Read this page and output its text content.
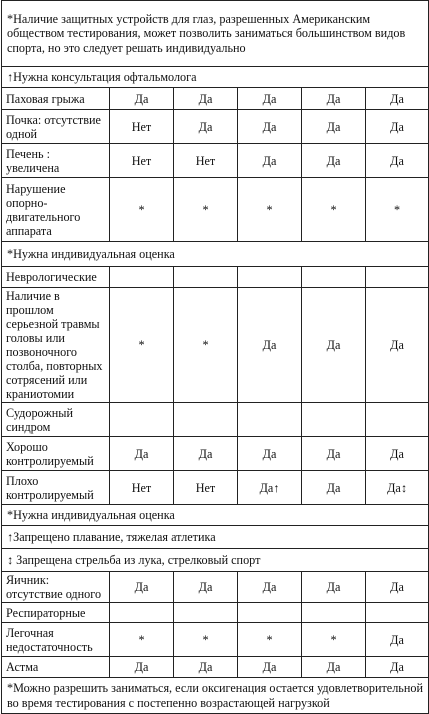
*Наличие защитных устройств для глаз, разрешенных Американским обществом тестирования, может позволить заниматься большинством видов спорта, но это следует решать индивидуально					
↑Нужна консультация офтальмолога					
Паховая грыжа	Да	Да	Да	Да	Да
Почка: отсутствие одной	Нет	Да	Да	Да	Да
Печень : увеличена	Нет	Нет	Да	Да	Да
Нарушение опорно-двигательного аппарата	*	*	*	*	*
*Нужна индивидуальная оценка					
Неврологические					
Наличие в прошлом серьезной травмы головы или позвоночного столба, повторных сотрясений или краниотомии	*	*	Да	Да	Да
Судорожный синдром					
Хорошо контролируемый	Да	Да	Да	Да	Да
Плохо контролируемый	Нет	Нет	Да↑	Да	Да↕
*Нужна индивидуальная оценка					
↑Запрещено плавание, тяжелая атлетика					
↕ Запрещена стрельба из лука, стрелковый спорт					
Яичник: отсутствие одного	Да	Да	Да	Да	Да
Респираторные					
Легочная недостаточность	*	*	*	*	Да
Астма	Да	Да	Да	Да	Да
*Можно разрешить заниматься, если оксигенация остается удовлетворительной во время тестирования с постепенно возрастающей нагрузкой					
